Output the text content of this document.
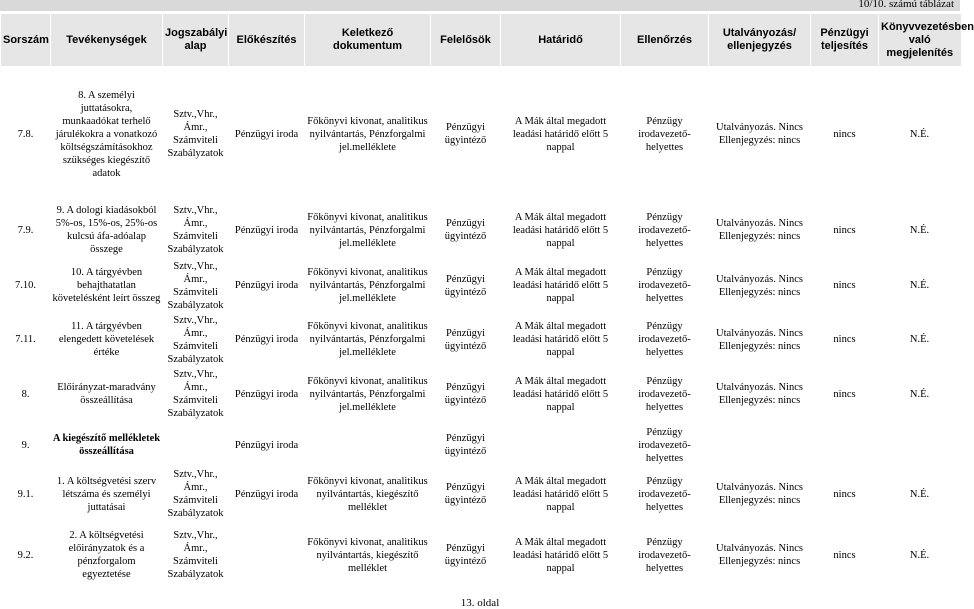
10/10. számú táblázat
Sorszám	Tevékenységek	Jogszabályi alap	Előkészítés	Keletkező dokumentum	Felelősök	Határidő	Ellenőrzés	Utalványozás/ ellenjegyzés	Pénzügyi teljesítés	Könyvvezetésben való megjelenítés
7.8.	8. A személyi juttatásokra, munkaadókat terhelő járulékokra a vonatkozó költségszámításokhoz szükséges kiegészítő adatok	Sztv.,Vhr., Ámr., Számviteli Szabályzatok	Pénzügyi iroda	Főkönyvi kivonat, analitikus nyilvántartás, Pénzforgalmi jel.melléklete	Pénzügyi ügyintéző	A Mák által megadott leadási határidő előtt 5 nappal	Pénzügy irodavezető-helyettes	Utalványozás. Nincs Ellenjegyzés: nincs	nincs	N.É.
7.9.	9. A dologi kiadásokból 5%-os, 15%-os, 25%-os kulcsú áfa-adóalap összege	Sztv.,Vhr., Ámr., Számviteli Szabályzatok	Pénzügyi iroda	Főkönyvi kivonat, analitikus nyilvántartás, Pénzforgalmi jel.melléklete	Pénzügyi ügyintéző	A Mák által megadott leadási határidő előtt 5 nappal	Pénzügy irodavezető-helyettes	Utalványozás. Nincs Ellenjegyzés: nincs	nincs	N.É.
7.10.	10. A tárgyévben behajthatatlan követelésként leírt összeg	Sztv.,Vhr., Ámr., Számviteli Szabályzatok	Pénzügyi iroda	Főkönyvi kivonat, analitikus nyilvántartás, Pénzforgalmi jel.melléklete	Pénzügyi ügyintéző	A Mák által megadott leadási határidő előtt 5 nappal	Pénzügy irodavezető-helyettes	Utalványozás. Nincs Ellenjegyzés: nincs	nincs	N.É.
7.11.	11. A tárgyévben elengedett követelések értéke	Sztv.,Vhr., Ámr., Számviteli Szabályzatok	Pénzügyi iroda	Főkönyvi kivonat, analitikus nyilvántartás, Pénzforgalmi jel.melléklete	Pénzügyi ügyintéző	A Mák által megadott leadási határidő előtt 5 nappal	Pénzügy irodavezető-helyettes	Utalványozás. Nincs Ellenjegyzés: nincs	nincs	N.É.
8.	Előirányzat-maradvány összeállítása	Sztv.,Vhr., Ámr., Számviteli Szabályzatok	Pénzügyi iroda	Főkönyvi kivonat, analitikus nyilvántartás, Pénzforgalmi jel.melléklete	Pénzügyi ügyintéző	A Mák által megadott leadási határidő előtt 5 nappal	Pénzügy irodavezető-helyettes	Utalványozás. Nincs Ellenjegyzés: nincs	nincs	N.É.
9.	A kiegészítő mellékletek összeállítása		Pénzügyi iroda		Pénzügyi ügyintéző		Pénzügy irodavezető-helyettes			
9.1.	1. A költségvetési szerv létszáma és személyi juttatásai	Sztv.,Vhr., Ámr., Számviteli Szabályzatok	Pénzügyi iroda	Főkönyvi kivonat, analitikus nyilvántartás, kiegészítő melléklet	Pénzügyi ügyintéző	A Mák által megadott leadási határidő előtt 5 nappal	Pénzügy irodavezető-helyettes	Utalványozás. Nincs Ellenjegyzés: nincs	nincs	N.É.
9.2.	2. A költségvetési előirányzatok és a pénzforgalom egyeztetése	Sztv.,Vhr., Ámr., Számviteli Szabályzatok		Főkönyvi kivonat, analitikus nyilvántartás, kiegészítő melléklet	Pénzügyi ügyintéző	A Mák által megadott leadási határidő előtt 5 nappal	Pénzügy irodavezető-helyettes	Utalványozás. Nincs Ellenjegyzés: nincs	nincs	N.É.
13. oldal
